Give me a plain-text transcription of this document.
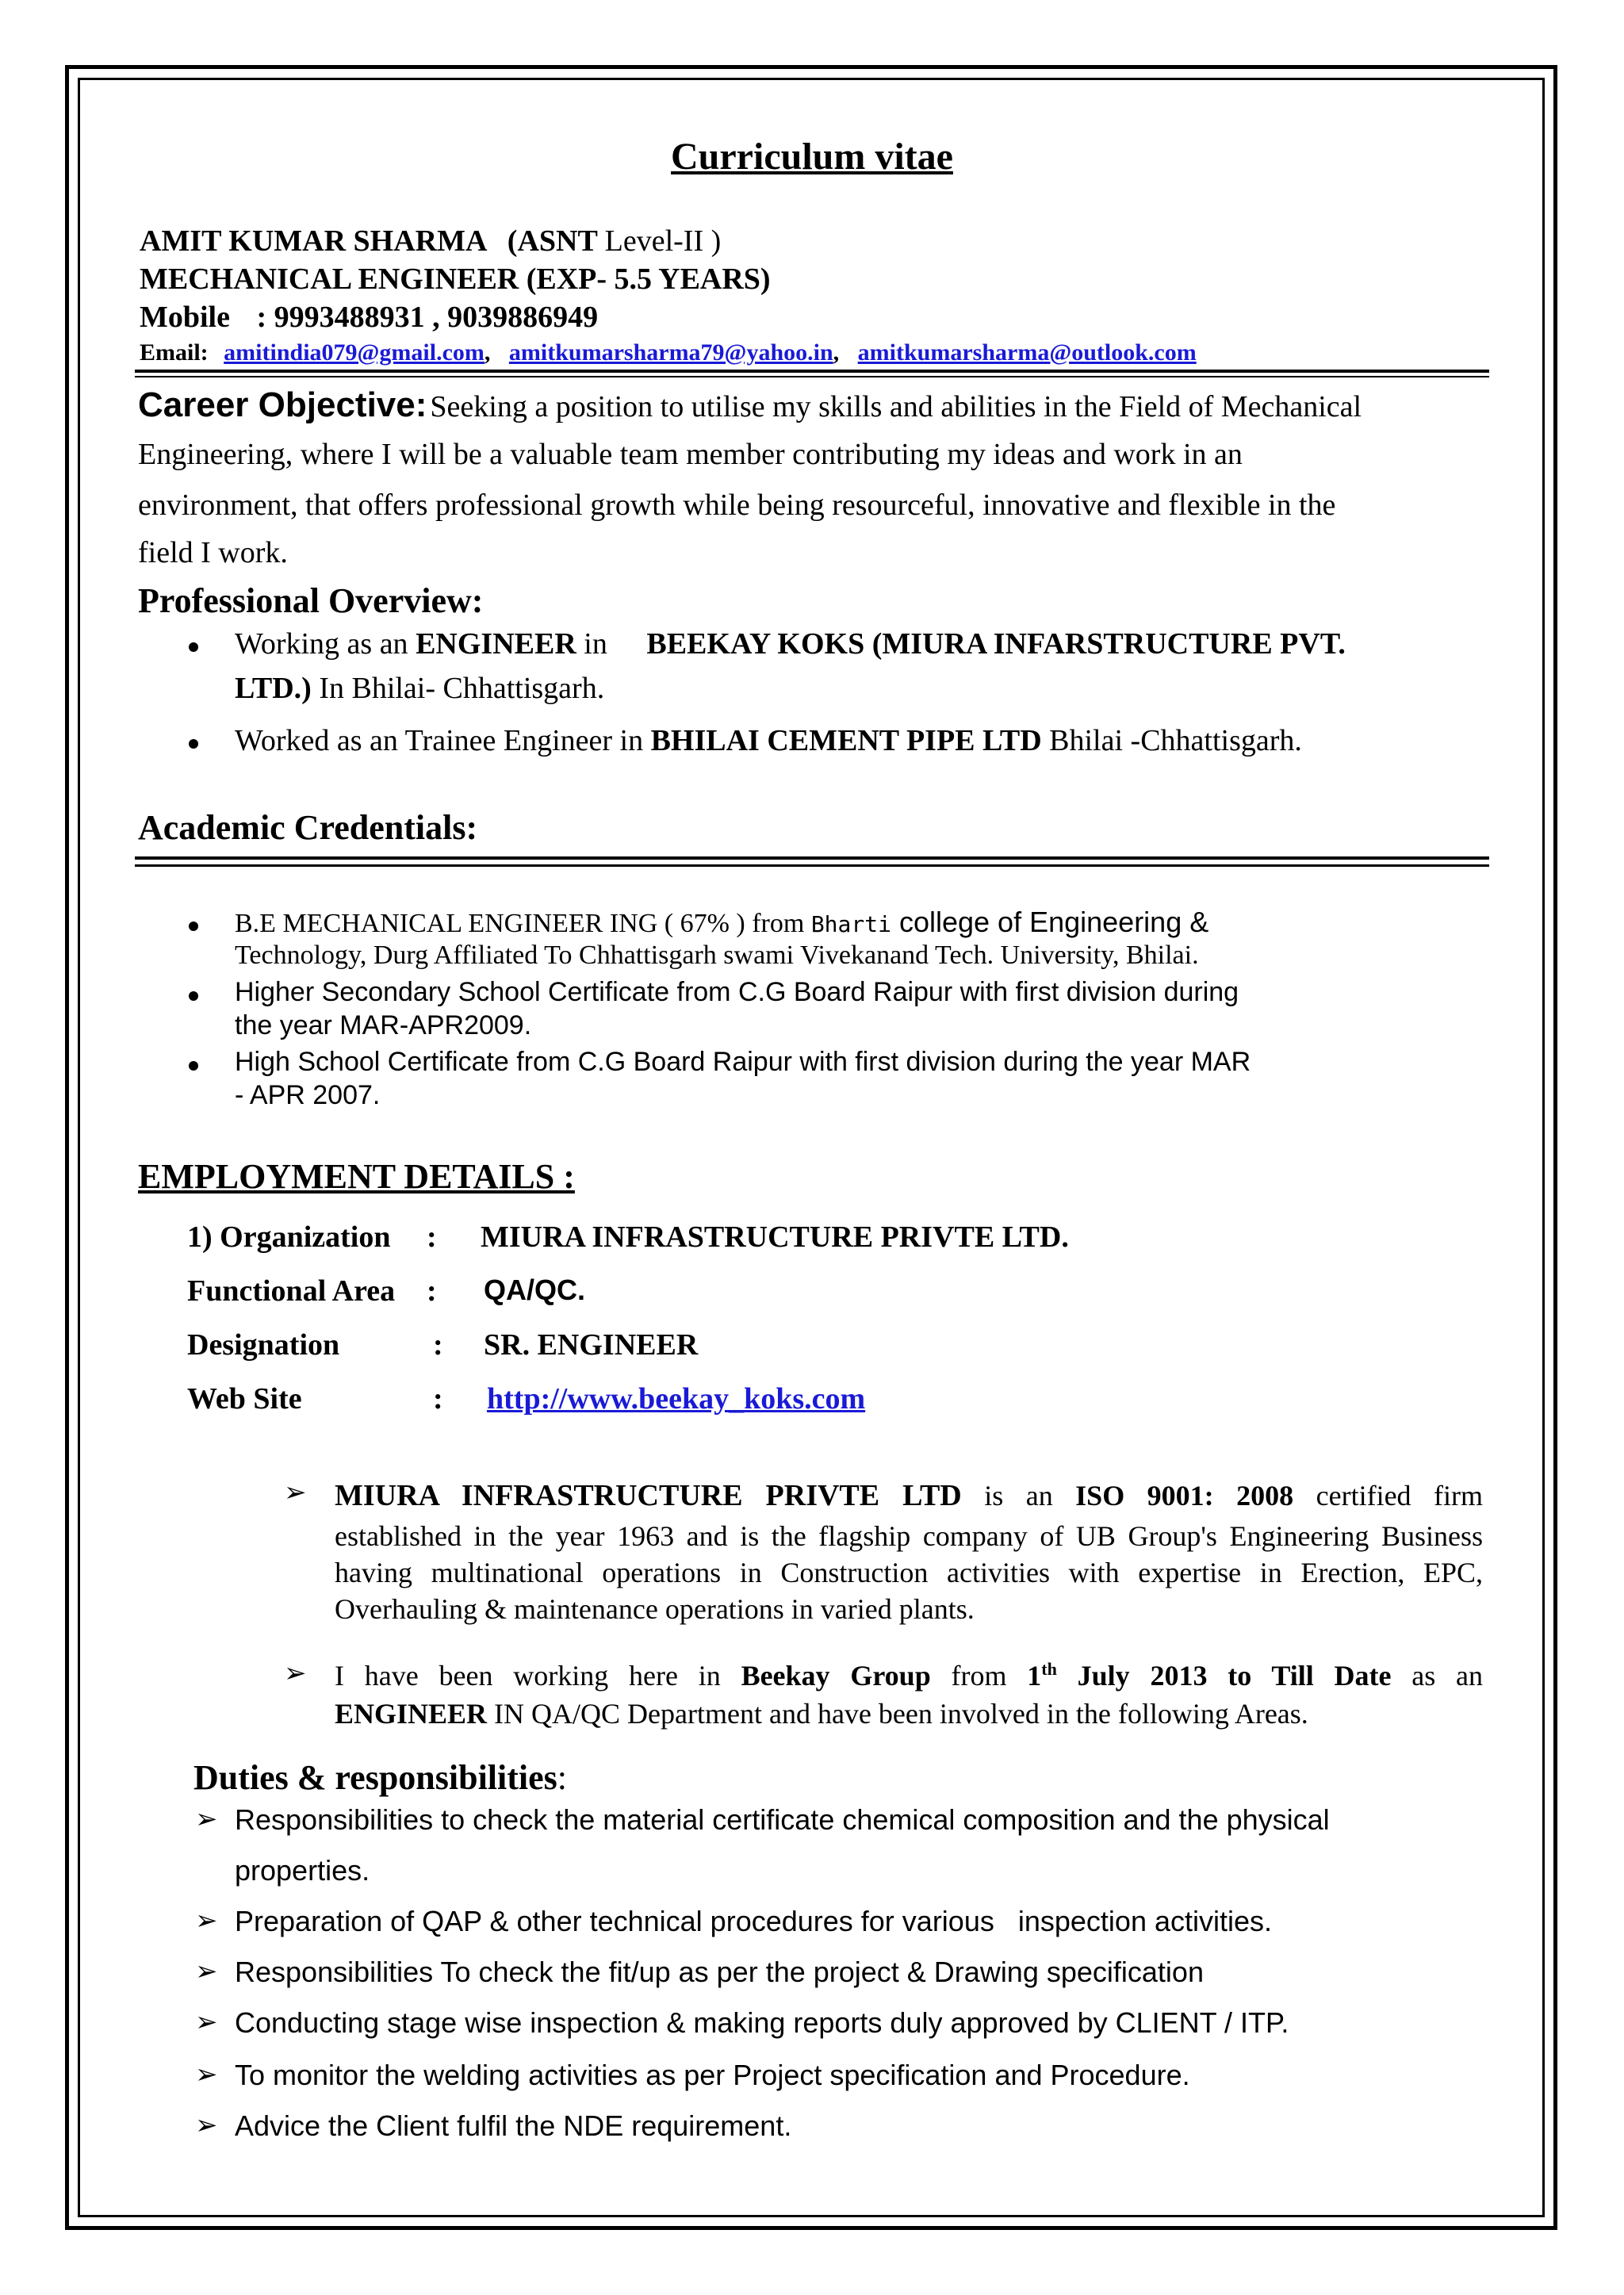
Curriculum vitae
AMIT KUMAR SHARMA (ASNT Level-II )
MECHANICAL ENGINEER (EXP- 5.5 YEARS)
Mobile : 9993488931 , 9039886949
Email: amitindia079@gmail.com, amitkumarsharma79@yahoo.in, amitkumarsharma@outlook.com
Career Objective: Seeking a position to utilise my skills and abilities in the Field of Mechanical
Engineering, where I will be a valuable team member contributing my ideas and work in an
environment, that offers professional growth while being resourceful, innovative and flexible in the
field I work.
Professional Overview:
Working as an ENGINEER in BEEKAY KOKS (MIURA INFARSTRUCTURE PVT.
LTD.) In Bhilai- Chhattisgarh.
Worked as an Trainee Engineer in BHILAI CEMENT PIPE LTD Bhilai -Chhattisgarh.
Academic Credentials:
B.E MECHANICAL ENGINEER ING ( 67% ) from Bharti college of Engineering &
Technology, Durg Affiliated To Chhattisgarh swami Vivekanand Tech. University, Bhilai.
Higher Secondary School Certificate from C.G Board Raipur with first division during
the year MAR-APR2009.
High School Certificate from C.G Board Raipur with first division during the year MAR
- APR 2007.
EMPLOYMENT DETAILS :
1) Organization : MIURA INFRASTRUCTURE PRIVTE LTD.
Functional Area : QA/QC.
Designation	: SR. ENGINEER
Web Site	: http://www.beekay_koks.com
➢ MIURA INFRASTRUCTURE PRIVTE LTD is an ISO 9001: 2008 certified firm
established in the year 1963 and is the flagship company of UB Group's Engineering Business
having multinational operations in Construction activities with expertise in Erection, EPC,
Overhauling & maintenance operations in varied plants.
➢ I have been working here in Beekay Group from 1th July 2013 to Till Date as an
ENGINEER IN QA/QC Department and have been involved in the following Areas.
Duties & responsibilities:
➢ Responsibilities to check the material certificate chemical composition and the physical
properties.
➢ Preparation of QAP & other technical procedures for various   inspection activities.
➢ Responsibilities To check the fit/up as per the project & Drawing specification
➢ Conducting stage wise inspection & making reports duly approved by CLIENT / ITP.
➢ To monitor the welding activities as per Project specification and Procedure.
➢ Advice the Client fulfil the NDE requirement.
